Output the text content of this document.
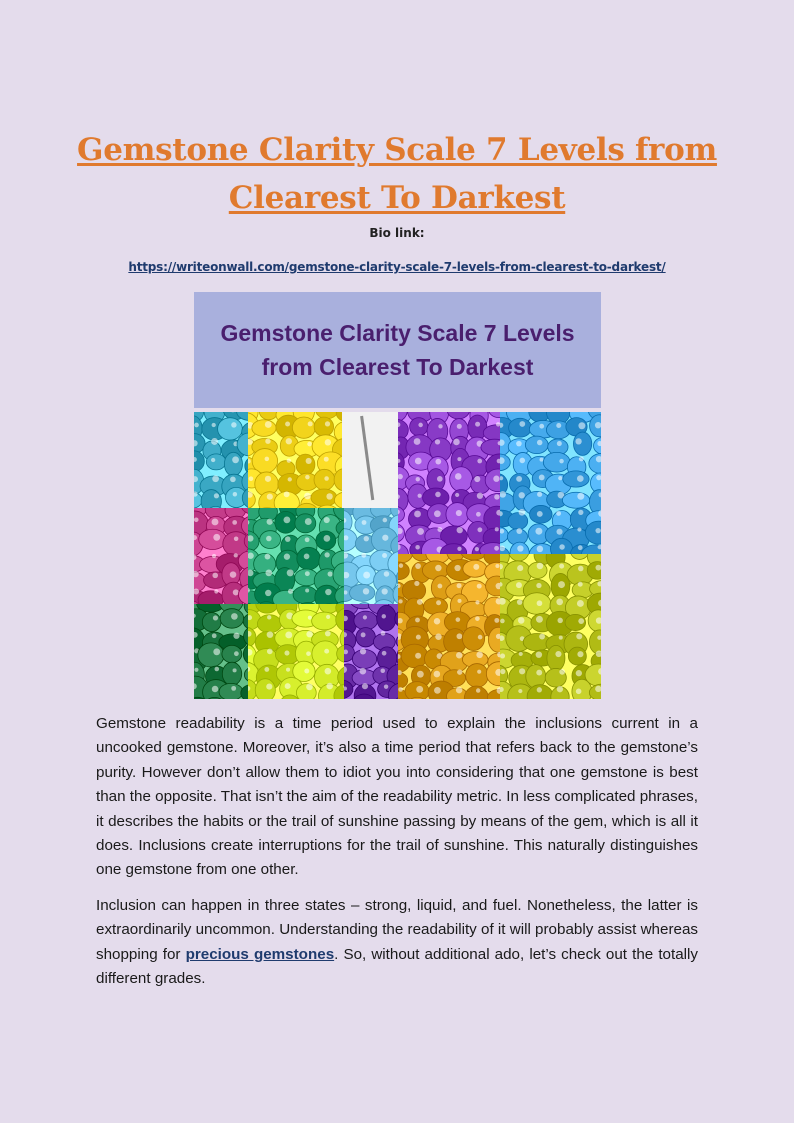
Gemstone Clarity Scale 7 Levels from Clearest To Darkest
Bio link:
https://writeonwall.com/gemstone-clarity-scale-7-levels-from-clearest-to-darkest/

Gemstone Clarity Scale 7 Levels
from Clearest To Darkest

Gemstone readability is a time period used to explain the inclusions current in a uncooked gemstone. Moreover, it’s also a time period that refers back to the gemstone’s purity. However don’t allow them to idiot you into considering that one gemstone is best than the opposite. That isn’t the aim of the readability metric. In less complicated phrases, it describes the habits or the trail of sunshine passing by means of the gem, which is all it does. Inclusions create interruptions for the trail of sunshine. This naturally distinguishes one gemstone from one other.

Inclusion can happen in three states – strong, liquid, and fuel. Nonetheless, the latter is extraordinarily uncommon. Understanding the readability of it will probably assist whereas shopping for precious gemstones. So, without additional ado, let’s check out the totally different grades.
